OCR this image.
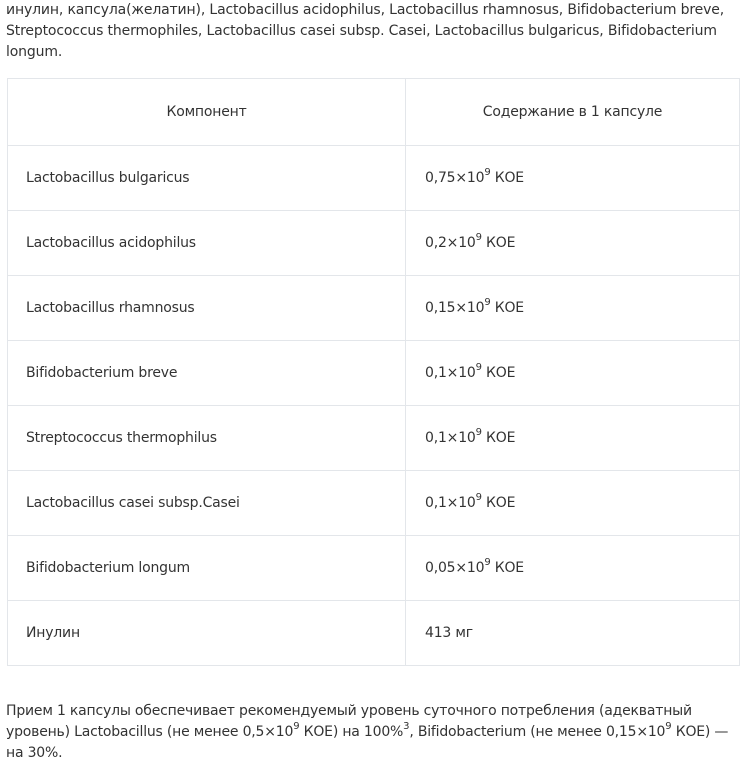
инулин, капсула(желатин), Lactobacillus acidophilus, Lactobacillus rhamnosus, Bifidobacterium breve, Streptococcus thermophiles, Lactobacillus casei subsp. Casei, Lactobacillus bulgaricus, Bifidobacterium longum.

Компонент	Содержание в 1 капсуле
Lactobacillus bulgaricus	$0,75\times 10^9$ КОЕ
Lactobacillus acidophilus	$0,2\times 10^9$ КОЕ
Lactobacillus rhamnosus	$0,15\times 10^9$ КОЕ
Bifidobacterium breve	$0,1\times 10^9$ КОЕ
Streptococcus thermophilus	$0,1\times 10^9$ КОЕ
Lactobacillus casei subsp.Casei	$0,1\times 10^9$ КОЕ
Bifidobacterium longum	$0,05\times 10^9$ КОЕ
Инулин	413 мг

Прием 1 капсулы обеспечивает рекомендуемый уровень суточного потребления (адекватный уровень) Lactobacillus (не менее $0,5\times 10^9$ КОЕ) на 100%$^3$, Bifidobacterium (не менее $0,15\times 10^9$ КОЕ) — на 30%.
